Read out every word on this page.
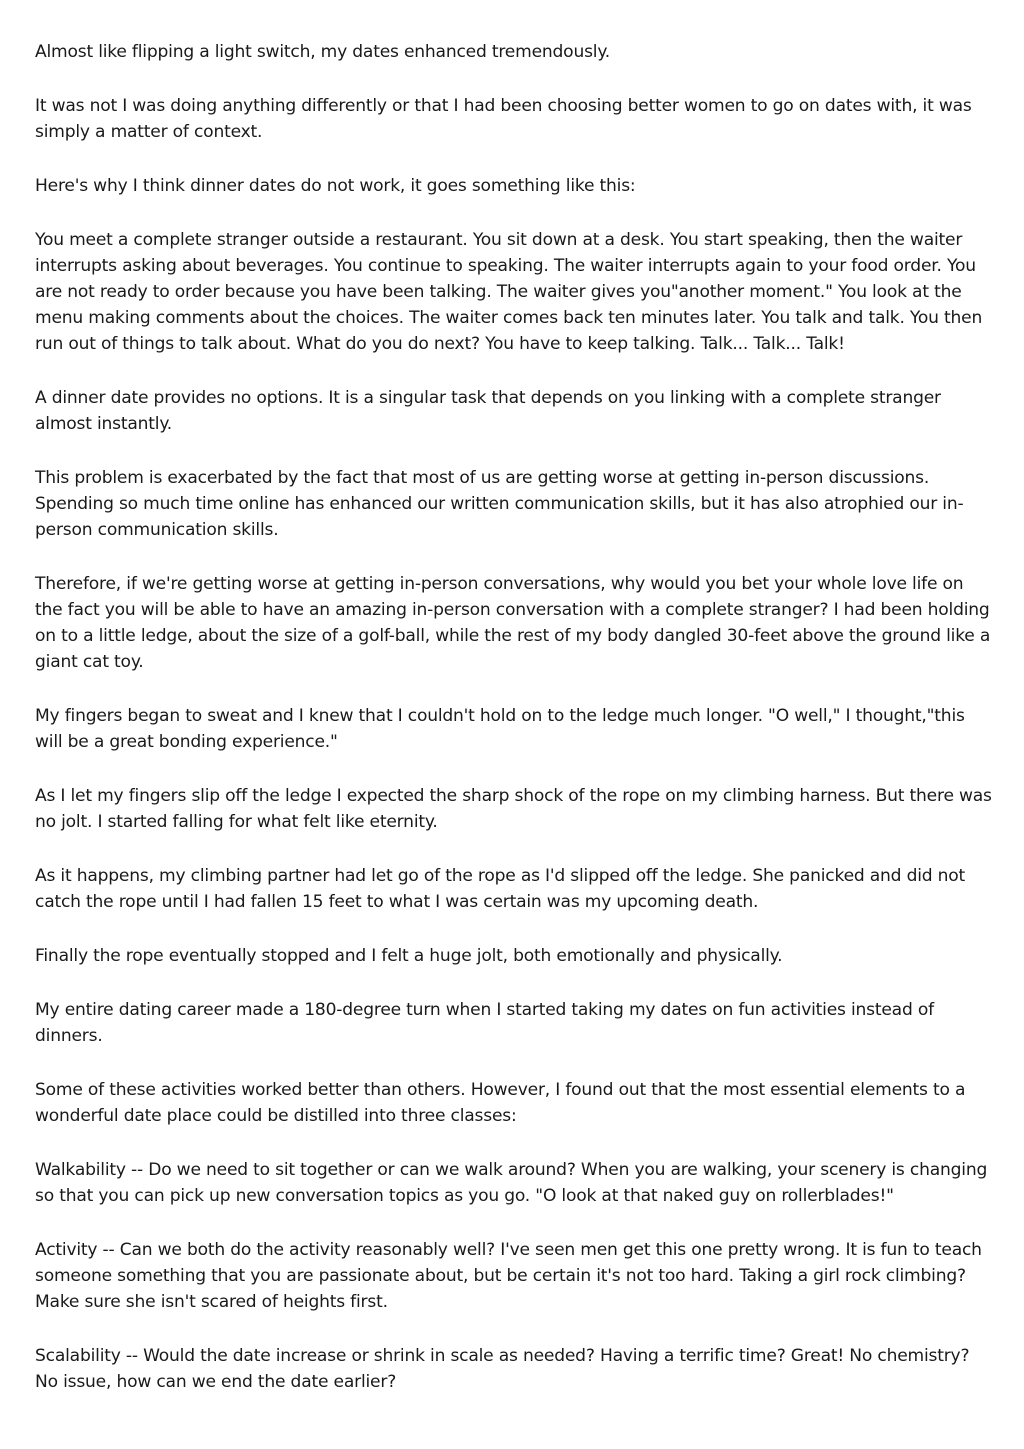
Almost like flipping a light switch, my dates enhanced tremendously.

It was not I was doing anything differently or that I had been choosing better women to go on dates with, it was simply a matter of context.

Here's why I think dinner dates do not work, it goes something like this:

You meet a complete stranger outside a restaurant. You sit down at a desk. You start speaking, then the waiter interrupts asking about beverages. You continue to speaking. The waiter interrupts again to your food order. You are not ready to order because you have been talking. The waiter gives you"another moment." You look at the menu making comments about the choices. The waiter comes back ten minutes later. You talk and talk. You then run out of things to talk about. What do you do next? You have to keep talking. Talk... Talk... Talk!

A dinner date provides no options. It is a singular task that depends on you linking with a complete stranger almost instantly.

This problem is exacerbated by the fact that most of us are getting worse at getting in-person discussions. Spending so much time online has enhanced our written communication skills, but it has also atrophied our in-person communication skills.

Therefore, if we're getting worse at getting in-person conversations, why would you bet your whole love life on the fact you will be able to have an amazing in-person conversation with a complete stranger? I had been holding on to a little ledge, about the size of a golf-ball, while the rest of my body dangled 30-feet above the ground like a giant cat toy.

My fingers began to sweat and I knew that I couldn't hold on to the ledge much longer. "O well," I thought,"this will be a great bonding experience."

As I let my fingers slip off the ledge I expected the sharp shock of the rope on my climbing harness. But there was no jolt. I started falling for what felt like eternity.

As it happens, my climbing partner had let go of the rope as I'd slipped off the ledge. She panicked and did not catch the rope until I had fallen 15 feet to what I was certain was my upcoming death.

Finally the rope eventually stopped and I felt a huge jolt, both emotionally and physically.

My entire dating career made a 180-degree turn when I started taking my dates on fun activities instead of dinners.

Some of these activities worked better than others. However, I found out that the most essential elements to a wonderful date place could be distilled into three classes:

Walkability -- Do we need to sit together or can we walk around? When you are walking, your scenery is changing so that you can pick up new conversation topics as you go. "O look at that naked guy on rollerblades!"

Activity -- Can we both do the activity reasonably well? I've seen men get this one pretty wrong. It is fun to teach someone something that you are passionate about, but be certain it's not too hard. Taking a girl rock climbing? Make sure she isn't scared of heights first.

Scalability -- Would the date increase or shrink in scale as needed? Having a terrific time? Great! No chemistry? No issue, how can we end the date earlier?
